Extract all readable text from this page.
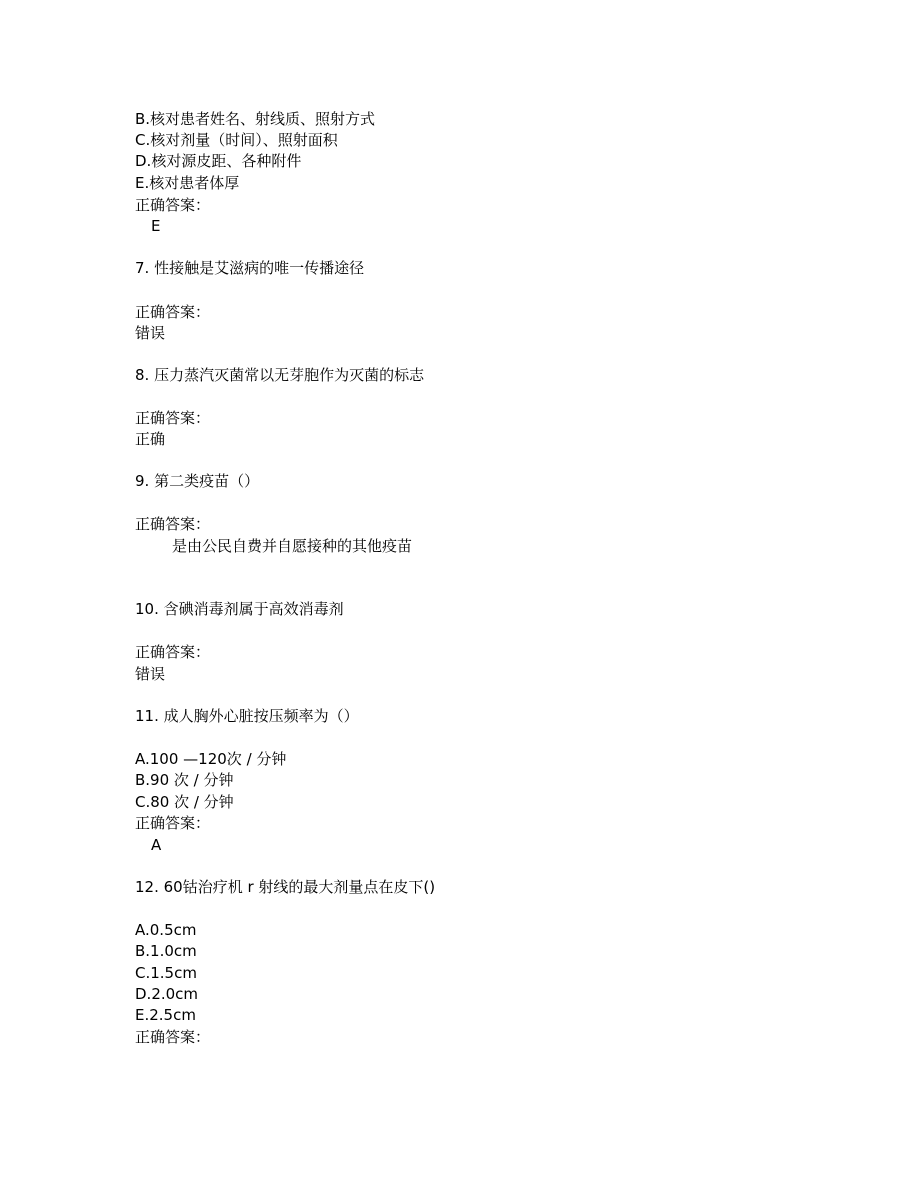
B.核对患者姓名、射线质、照射方式
C.核对剂量（时间）、照射面积
D.核对源皮距、各种附件
E.核对患者体厚
正确答案：
E
7. 性接触是艾滋病的唯一传播途径
正确答案：
错误
8. 压力蒸汽灭菌常以无芽胞作为灭菌的标志
正确答案：
正确
9. 第二类疫苗（）
正确答案：
是由公民自费并自愿接种的其他疫苗
10. 含碘消毒剂属于高效消毒剂
正确答案：
错误
11. 成人胸外心脏按压频率为（）
A.100 —120次 / 分钟
B.90 次 / 分钟
C.80 次 / 分钟
正确答案：
A
12. 60钴治疗机 r 射线的最大剂量点在皮下()
A.0.5cm
B.1.0cm
C.1.5cm
D.2.0cm
E.2.5cm
正确答案：
